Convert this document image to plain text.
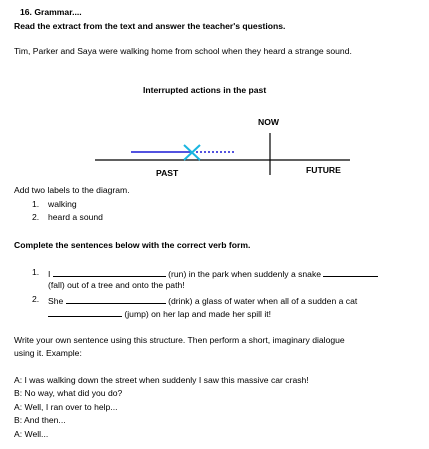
16. Grammar....
Read the extract from the text and answer the teacher's questions.
Tim, Parker and Saya were walking home from school when they heard a strange sound.
Interrupted actions in the past
NOW
PAST	FUTURE
Add two labels to the diagram.
1. walking
2. heard a sound
Complete the sentences below with the correct verb form.
1. I	(run) in the park when suddenly a snake
(fall) out of a tree and onto the path!
2. She	(drink) a glass of water when all of a sudden a cat
(jump) on her lap and made her spill it!
Write your own sentence using this structure. Then perform a short, imaginary dialogue
using it. Example:
A: I was walking down the street when suddenly I saw this massive car crash!
B: No way, what did you do?
A: Well, I ran over to help...
B: And then...
A: Well...
